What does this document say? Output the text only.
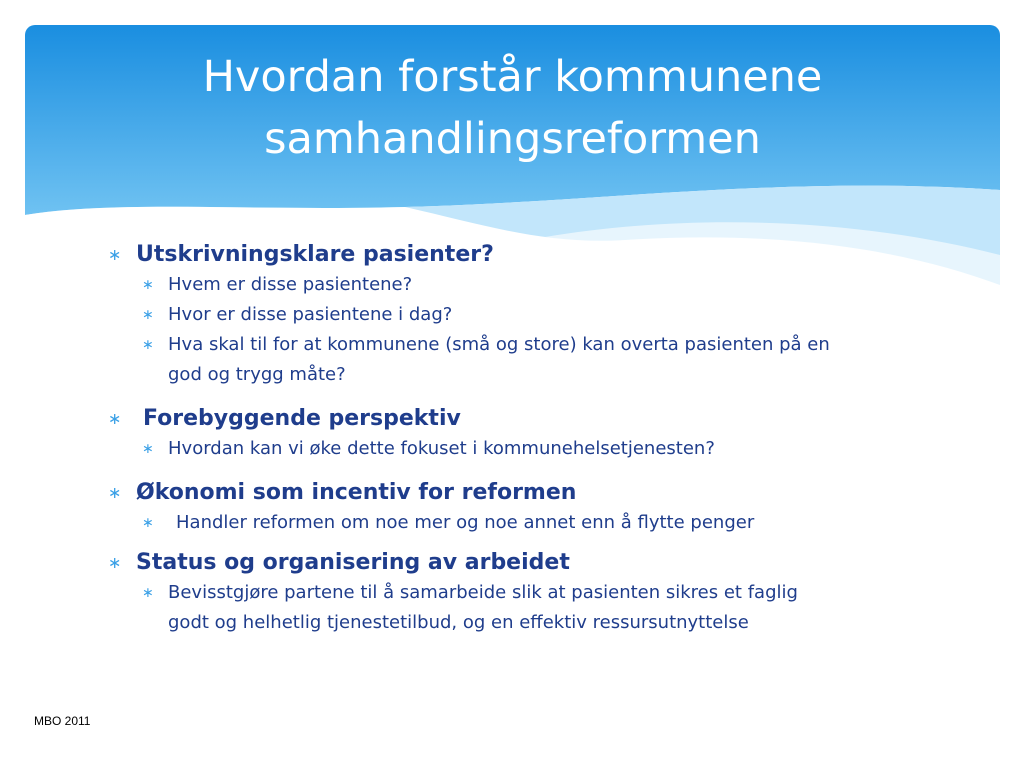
Hvordan forstår kommunene
samhandlingsreformen
∗ Utskrivningsklare pasienter?
∗ Hvem er disse pasientene?
∗ Hvor er disse pasientene i dag?
∗ Hva skal til for at kommunene (små og store) kan overta pasienten på en
god og trygg måte?
∗ Forebyggende perspektiv
∗ Hvordan kan vi øke dette fokuset i kommunehelsetjenesten?
∗ Økonomi som incentiv for reformen
∗ Handler reformen om noe mer og noe annet enn å flytte penger
∗ Status og organisering av arbeidet
∗ Bevisstgjøre partene til å samarbeide slik at pasienten sikres et faglig
godt og helhetlig tjenestetilbud, og en effektiv ressursutnyttelse
MBO 2011
